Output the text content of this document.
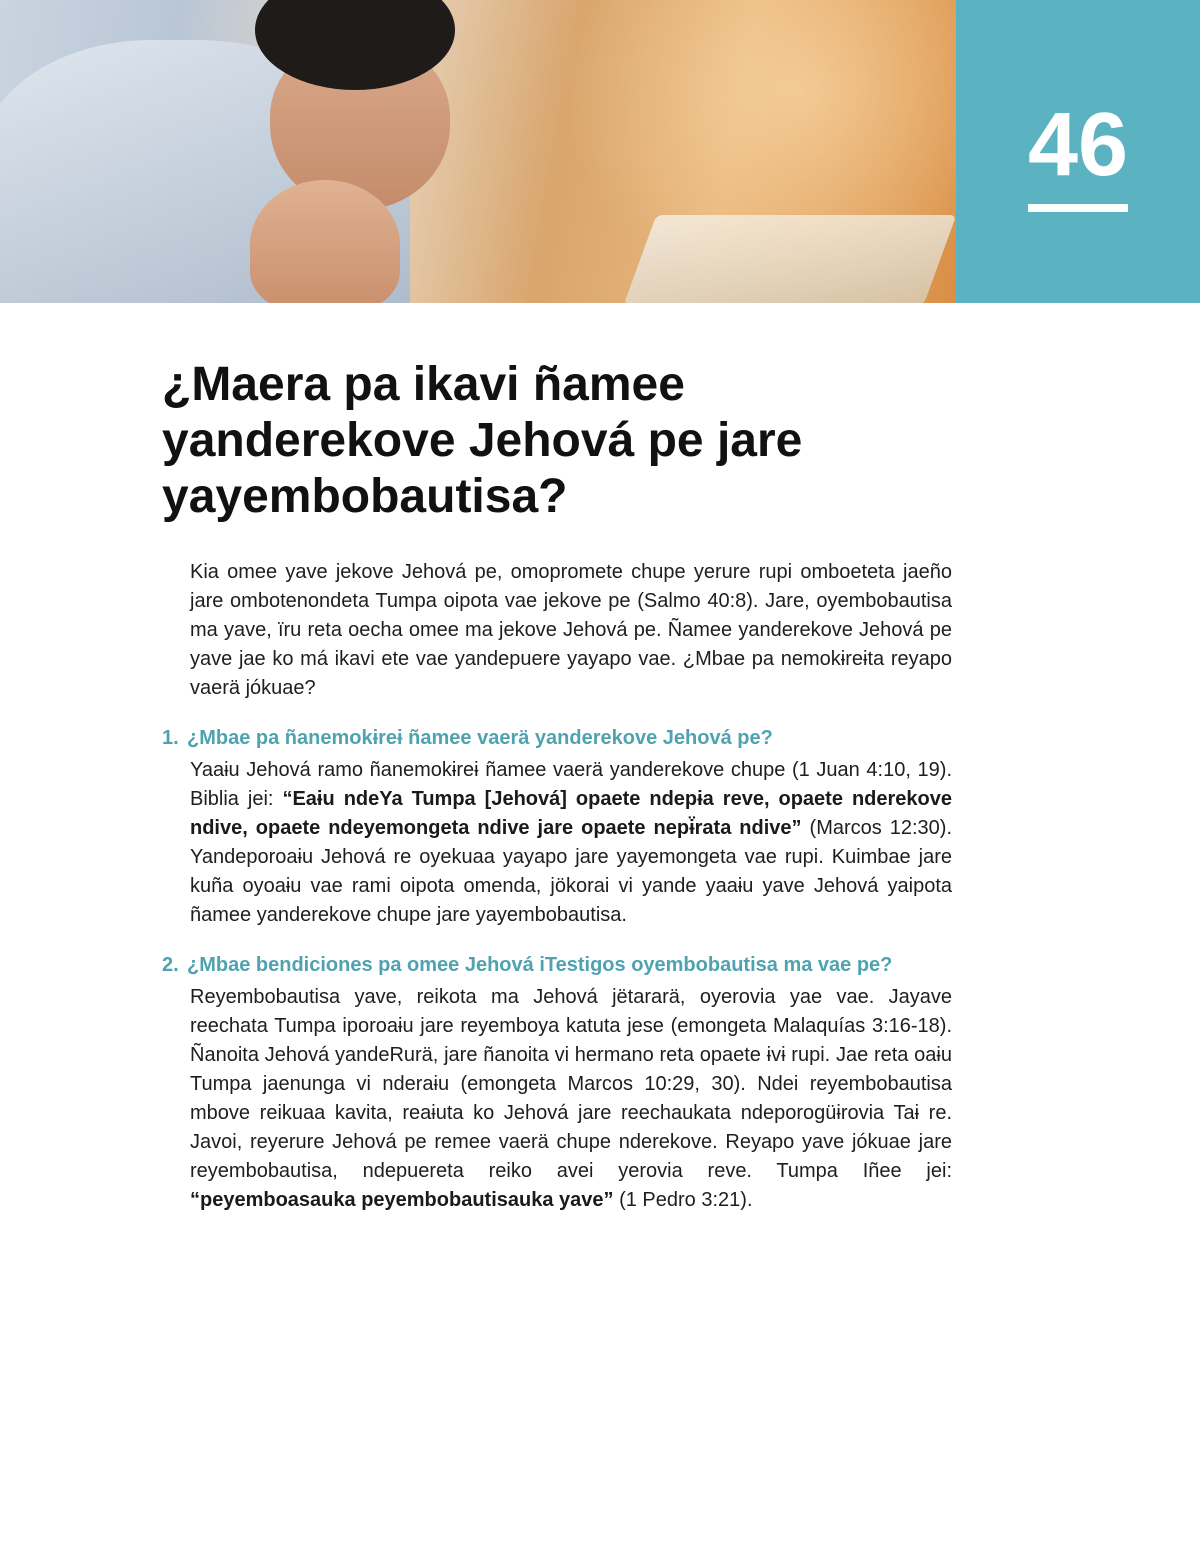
46
¿Maera pa ikavi ñamee yanderekove Jehová pe jare yayembobautisa?

Kia omee yave jekove Jehová pe, omopromete chupe yerure rupi omboeteta jaeño jare ombotenondeta Tumpa oipota vae jekove pe (Salmo 40:8). Jare, oyembobautisa ma yave, ïru reta oecha omee ma jekove Jehová pe. Ñamee yanderekove Jehová pe yave jae ko má ikavi ete vae yandepuere yayapo vae. ¿Mbae pa nemokɨreɨta reyapo vaerä jókuae?

1. ¿Mbae pa ñanemokɨreɨ ñamee vaerä yanderekove Jehová pe?

Yaaɨu Jehová ramo ñanemokɨreɨ ñamee vaerä yanderekove chupe (1 Juan 4:10, 19). Biblia jei: “Eaɨu ndeYa Tumpa [Jehová] opaete ndepɨa reve, opaete nderekove ndive, opaete ndeyemongeta ndive jare opaete nepɨ̈rata ndive” (Marcos 12:30). Yandeporoaɨu Jehová re oyekuaa yayapo jare yayemongeta vae rupi. Kuimbae jare kuña oyoaɨu vae rami oipota omenda, jökorai vi yande yaaɨu yave Jehová yaipota ñamee yanderekove chupe jare yayembobautisa.

2. ¿Mbae bendiciones pa omee Jehová iTestigos oyembobautisa ma vae pe?

Reyembobautisa yave, reikota ma Jehová jëtararä, oyerovia yae vae. Jayave reechata Tumpa iporoaɨu jare reyemboya katuta jese (emongeta Malaquías 3:16-18). Ñanoita Jehová yandeRurä, jare ñanoita vi hermano reta opaete ɨvɨ rupi. Jae reta oaɨu Tumpa jaenunga vi nderaɨu (emongeta Marcos 10:29, 30). Ndei reyembobautisa mbove reikuaa kavita, reaɨuta ko Jehová jare reechaukata ndeporogüɨrovia Taɨ re. Javoi, reyerure Jehová pe remee vaerä chupe nderekove. Reyapo yave jókuae jare reyembobautisa, ndepuereta reiko avei yerovia reve. Tumpa Iñee jei: “peyemboasauka peyembobautisauka yave” (1 Pedro 3:21).
